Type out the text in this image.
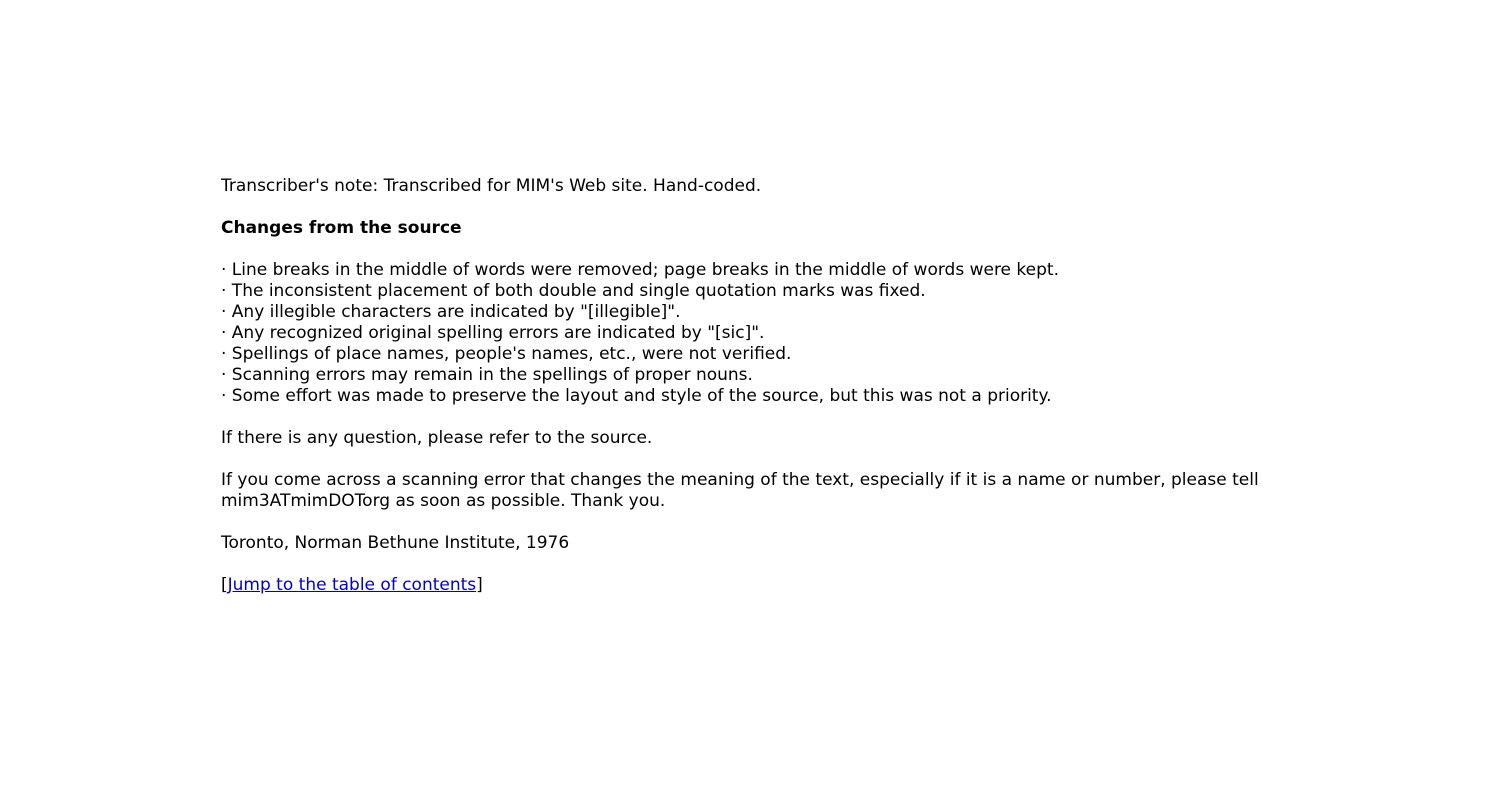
Transcriber's note: Transcribed for MIM's Web site. Hand-coded.

Changes from the source
· Line breaks in the middle of words were removed; page breaks in the middle of words were kept.
· The inconsistent placement of both double and single quotation marks was fixed.
· Any illegible characters are indicated by "[illegible]".
· Any recognized original spelling errors are indicated by "[sic]".
· Spellings of place names, people's names, etc., were not verified.
· Scanning errors may remain in the spellings of proper nouns.
· Some effort was made to preserve the layout and style of the source, but this was not a priority.

If there is any question, please refer to the source.

If you come across a scanning error that changes the meaning of the text, especially if it is a name or number, please tell mim3ATmimDOTorg as soon as possible. Thank you.

Toronto, Norman Bethune Institute, 1976

[Jump to the table of contents]
